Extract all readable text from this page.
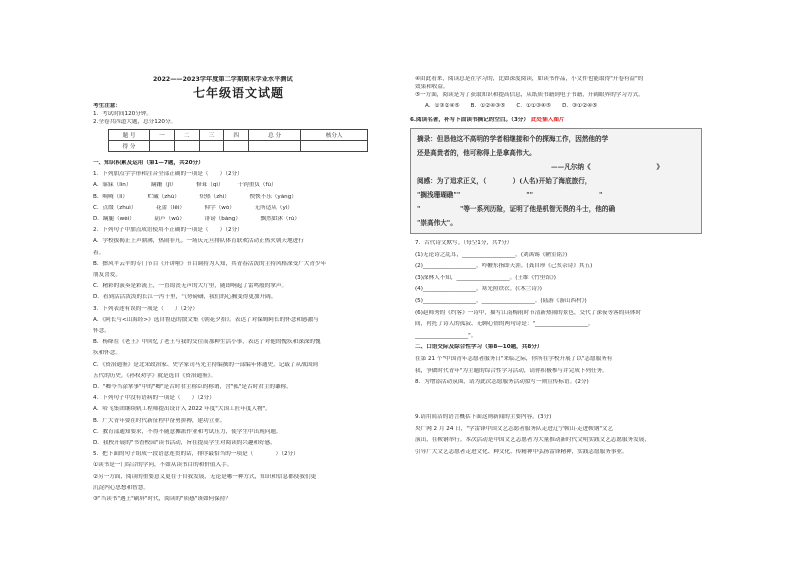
2022——2023学年度第二学期期末学业水平测试
七年级语文试题
考生注意：
1．考试时间120分钟。
2.全卷共四道大题，总分120分。
题 号	一	二	三	四	总 分	核分人
得 分						
一、知识积累及运用（第1—7题，共20分）
1．下列加点字字形和注音全部正确的一项是（　　）（2分）
A．寤寐（lìn）　　　　蹒跚（jǐ）　　　　修葺（qì）　　　千钧重负（fù）
B．啁啁（lì）　　　　贮藏（zhù）　　　　炽热（zhì）　　　　怏怏不乐（yàng）
C．点缀（zhuì）　　　　花蕾（lěi）　　　　仰字（wò）　　　　无所适从（yì）
D．蹒腿（wèi）　　　　葫芦（wǔ）　　　　诽谤（bàng）　　　　飘然如沐（rú）
2．下列句子中加点成语使用不正确的一项是（　　）（2分）
A．学校拔揭止上声鼎沸，热闹非凡。一场庆元旦排队体育联欢活动正热火朝天地进行
着。
B．擦风平云平的专门节目《开讲啦》节目调持为人知，其青春活泼的主持风格深受广大青少年
朋友喜爱。
C．精彩的演奏是彩流上，一直钩丧无声的大厅里，随即响起了雷鸣般的掌声。
D．看到活活泼泼的长江一泻千里，气势磅礴，我们的心胸变得更加开阔。
3．下列表述有误的一项是（　　）（2分）
A．《阿长与<山海经>》选自鲁迅的散文集《朝花夕拾》。表达了对保姆阿长的怀念和感激与
怀念。
B．杨绛在《老王》中回忆了老王与我的交往而那种生活小事，表达了对他的愧疚和深深的愧
疚和怀念。
C．《资治通鉴》是北宋政治家、史学家司马光主持编撰的一部编年体通史，记载了从战国到
五代的历史。《孙权劝学》就是选自《资治通鉴》。
D．"卿今当涂掌事"中的"卿"是古时君主称臣的称谓，含"孤"是古时君主的谦称。
4．下列句子中没有语病的一项是（　　）（2分）
A．哈飞集团继续轨工程师提出设计入 2022 年度"大国工匠年度人物"。
B．广大青年要在时代新征程中奋勇拼搏，建功立业。
C．教育部通知要求，不得不随意摊派作业和考试压力，使学生中出现问题。
D．我校开展的"书香校园"读书活动，旨在提高学生对阅读的兴趣和好感。
5．把下面的句子组成一段语意连贯的话，排序最恰当的一项是（　　　　）（2分）
①读书是一门综合的学问，不如从读书目的和价值入手。
②另一方面，阅读的重要意义更在于自我发展，无论是哪一种方式，知识和信息都使我们更
沉淀内心思想和智慧。
③"当读书"遇上"刷屏"时代，阅读的"质感"该如何保持？
④由此看来，阅读总是在学习的，比如深度阅读，如读书作品，小文件也能取得"开卷有益"的
效果和收益。
⑤一方面，阅读是为了获取知识和提高信息，从纸质书籍到电子书籍，开阔眼界的学习方式。
A．①③②④⑤　　B．①②④③⑤　　C．①①③④⑤　　D．③①②④⑤
6.阅读名著，补写下面读书摘记的空白。（3分） 此处插入图片
摘录：但恳他这不高明的学者相继接和个的探海工作，因然他的学
还是高贵者的，他可称得上是拿高伟大。
——凡尔纳《　　　　　　　　　　》
阅感：为了追求正义，（　　　　）(人名)开始了海底旅行，
"搁浅珊瑚礁""　　　　　　　　　　""　　　　　　　　　　"
"　　　　　　"等一系列历险，证明了他是机智无畏的斗士，他的确
"崇高伟大"。
7．古代诗文默写。（每空1分，共7分）
(1)无论诗之乱耳，___________________。(刘禹锡《陋室铭》)
(2)___________________，吟鞭东指即天涯。(龚自珍《己亥杂诗》其五)
(3)深林人不知，___________________。(王维《竹里馆》)
(4)___________________，寒光照铁衣。(《木兰诗》)
(5)___________________，___________________。(陆游《游山西村》)
(6)赵师秀的《约客》一诗中，描写江南梅雨时节清新热闹的景色，交代了深夜等客的具体时
间，衬托了诗人的孤寂、无聊心情的两句诗是："___________________，
___________________"。
二、口语交际及综合性学习（第8—10题，共8分）
在第 21 个"中国青年志愿者服务日"来临之际，你所在学校开展了以"志愿服务有
我，争做时代青年"为主题的综合性学习活动，请你积极参与并完成下列任务。
8．为增添活动氛围，请为此次志愿服务活动拟写一则宣传标语。(2分)
9.请用简洁的语言概括下面这则新闻的主要内容。(3分)
央广网 2 月 24 日，"学雷锋中国文艺志愿者服务队走进辽宁鞍山·走进鞍钢"文艺
演出，在鞍钢举行。本次活动是中国文艺志愿者为大量推动新时代文明实践文艺志愿服务发展，
引导广大文艺志愿者走进文化、种文化、传精神中弘扬雷锋精神，实践志愿服务事业。
